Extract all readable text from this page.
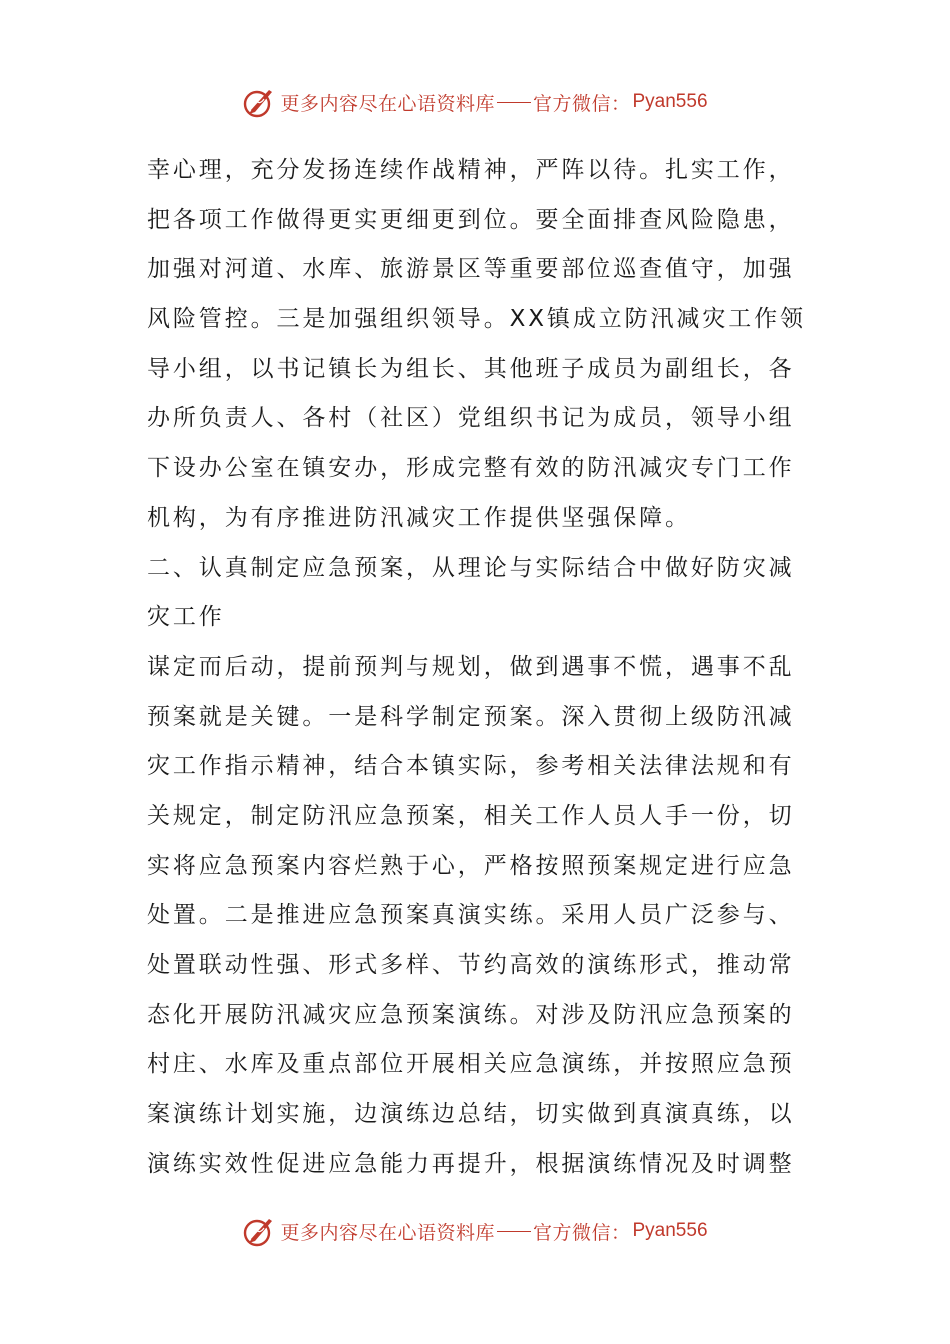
更多内容尽在心语资料库 官方微信： Pyan556
幸心理，充分发扬连续作战精神，严阵以待。扎实工作，
把各项工作做得更实更细更到位。要全面排查风险隐患，
加强对河道、水库、旅游景区等重要部位巡查值守，加强
风险管控。三是加强组织领导。XX镇成立防汛减灾工作领
导小组，以书记镇长为组长、其他班子成员为副组长，各
办所负责人、各村（社区）党组织书记为成员，领导小组
下设办公室在镇安办，形成完整有效的防汛减灾专门工作
机构，为有序推进防汛减灾工作提供坚强保障。
二、认真制定应急预案，从理论与实际结合中做好防灾减
灾工作
谋定而后动，提前预判与规划，做到遇事不慌，遇事不乱
预案就是关键。一是科学制定预案。深入贯彻上级防汛减
灾工作指示精神，结合本镇实际，参考相关法律法规和有
关规定，制定防汛应急预案，相关工作人员人手一份，切
实将应急预案内容烂熟于心，严格按照预案规定进行应急
处置。二是推进应急预案真演实练。采用人员广泛参与、
处置联动性强、形式多样、节约高效的演练形式，推动常
态化开展防汛减灾应急预案演练。对涉及防汛应急预案的
村庄、水库及重点部位开展相关应急演练，并按照应急预
案演练计划实施，边演练边总结，切实做到真演真练，以
演练实效性促进应急能力再提升，根据演练情况及时调整
更多内容尽在心语资料库 官方微信： Pyan556
